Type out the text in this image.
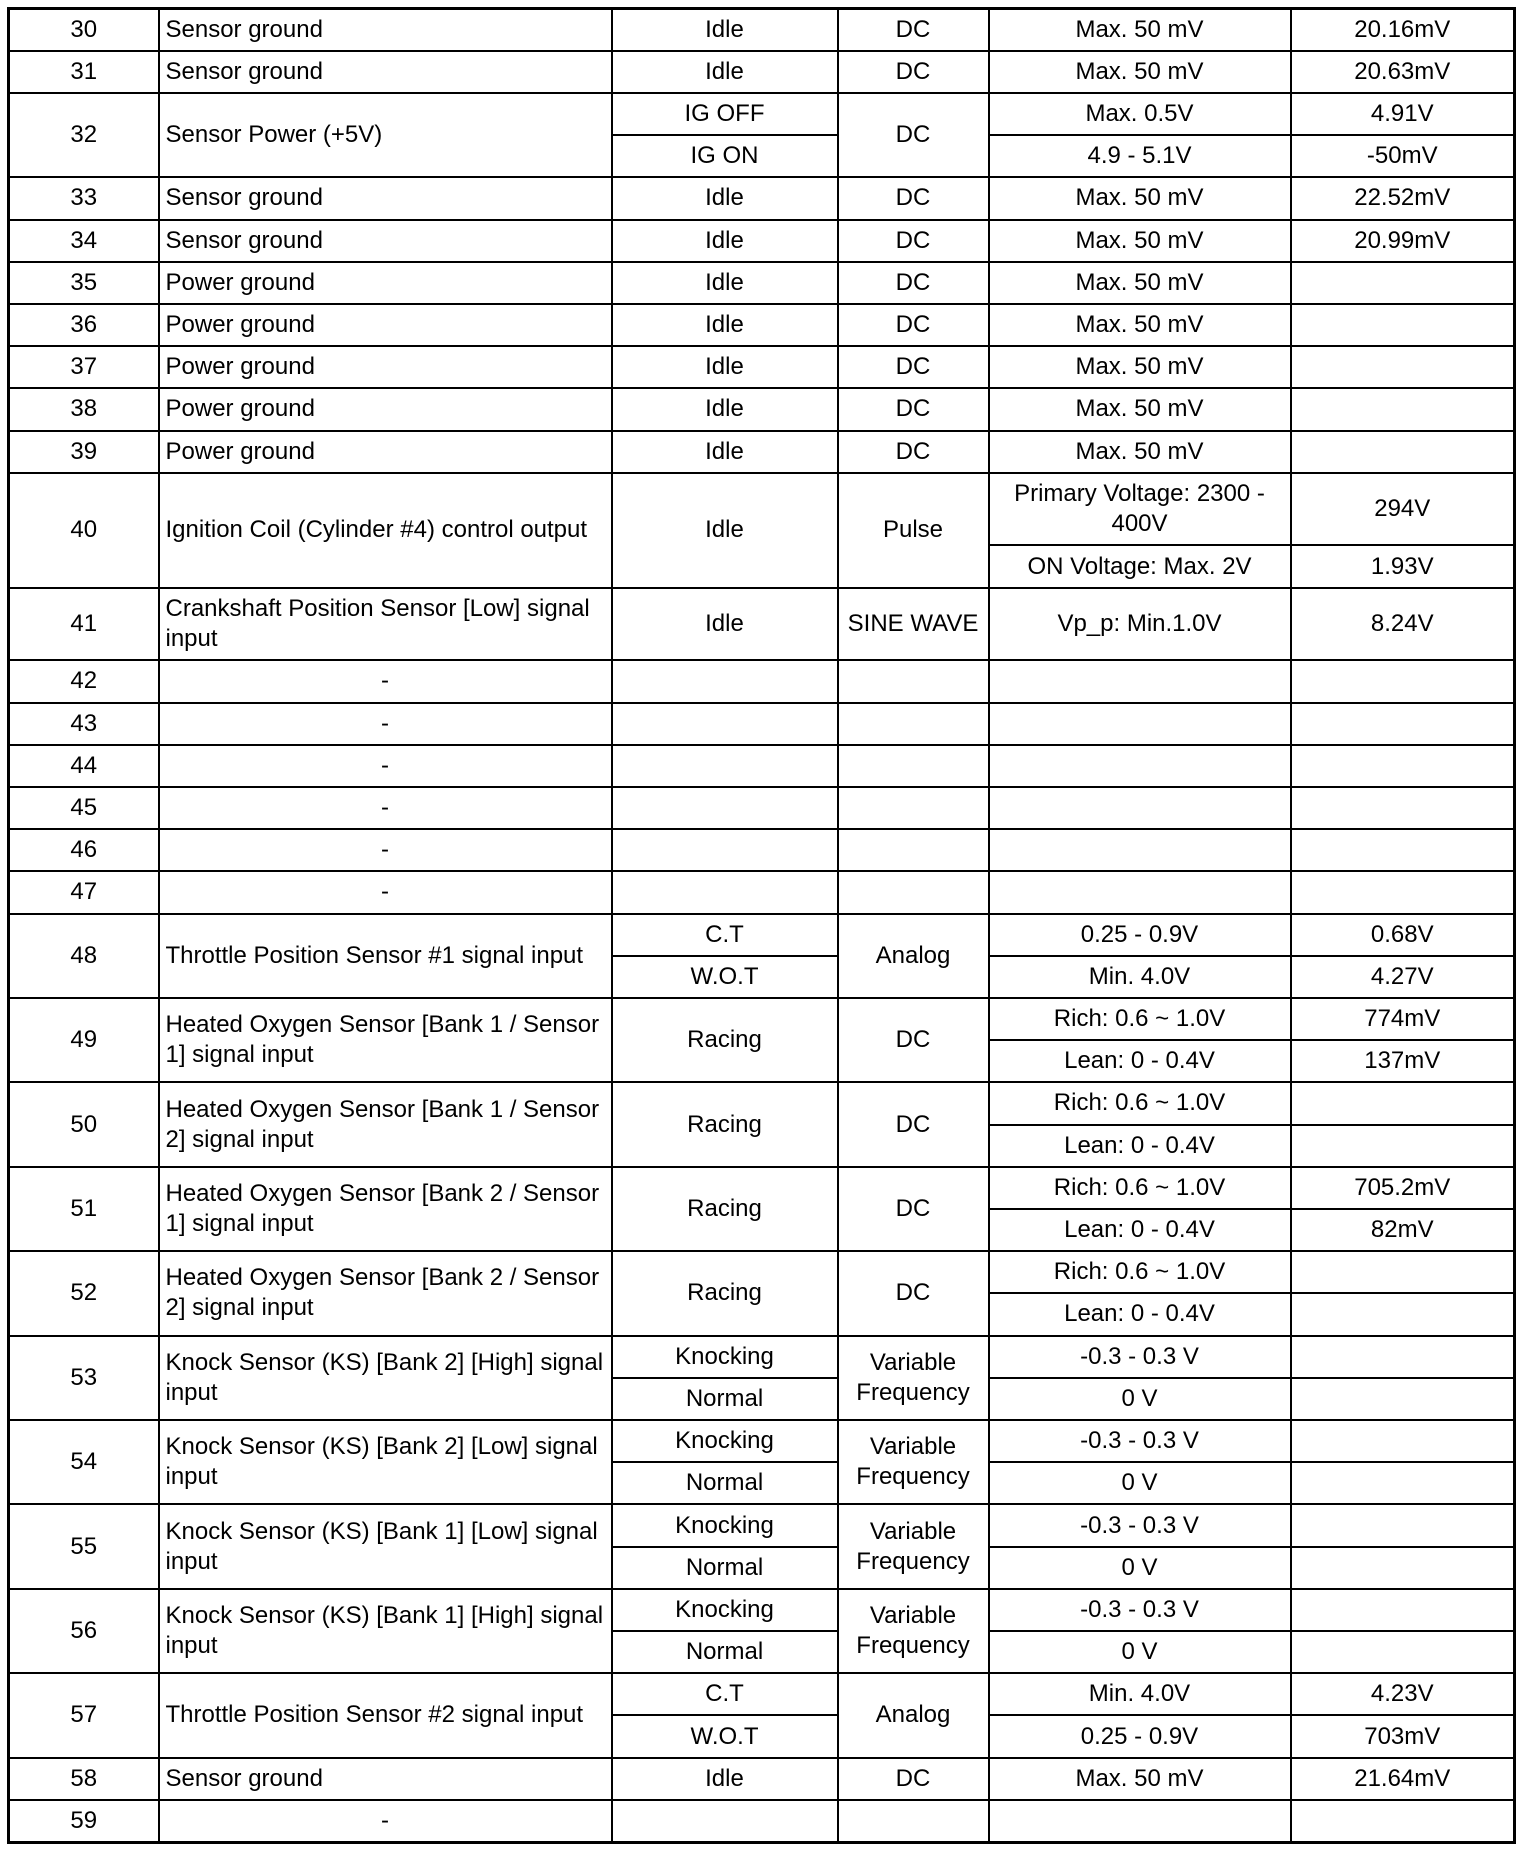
30	Sensor ground	Idle	DC	Max. 50 mV	20.16mV
31	Sensor ground	Idle	DC	Max. 50 mV	20.63mV
32	Sensor Power (+5V)	IG OFF	DC	Max. 0.5V	4.91V
		IG ON		4.9 - 5.1V	-50mV
33	Sensor ground	Idle	DC	Max. 50 mV	22.52mV
34	Sensor ground	Idle	DC	Max. 50 mV	20.99mV
35	Power ground	Idle	DC	Max. 50 mV	
36	Power ground	Idle	DC	Max. 50 mV	
37	Power ground	Idle	DC	Max. 50 mV	
38	Power ground	Idle	DC	Max. 50 mV	
39	Power ground	Idle	DC	Max. 50 mV	
40	Ignition Coil (Cylinder #4) control output	Idle	Pulse	Primary Voltage: 2300 - 400V	294V
				ON Voltage: Max. 2V	1.93V
41	Crankshaft Position Sensor [Low] signal input	Idle	SINE WAVE	Vp_p: Min.1.0V	8.24V
42	-				
43	-				
44	-				
45	-				
46	-				
47	-				
48	Throttle Position Sensor #1 signal input	C.T	Analog	0.25 - 0.9V	0.68V
		W.O.T		Min. 4.0V	4.27V
49	Heated Oxygen Sensor [Bank 1 / Sensor 1] signal input	Racing	DC	Rich: 0.6 ~ 1.0V	774mV
				Lean: 0 - 0.4V	137mV
50	Heated Oxygen Sensor [Bank 1 / Sensor 2] signal input	Racing	DC	Rich: 0.6 ~ 1.0V	
				Lean: 0 - 0.4V	
51	Heated Oxygen Sensor [Bank 2 / Sensor 1] signal input	Racing	DC	Rich: 0.6 ~ 1.0V	705.2mV
				Lean: 0 - 0.4V	82mV
52	Heated Oxygen Sensor [Bank 2 / Sensor 2] signal input	Racing	DC	Rich: 0.6 ~ 1.0V	
				Lean: 0 - 0.4V	
53	Knock Sensor (KS) [Bank 2] [High] signal input	Knocking	Variable Frequency	-0.3 - 0.3 V	
		Normal		0 V	
54	Knock Sensor (KS) [Bank 2] [Low] signal input	Knocking	Variable Frequency	-0.3 - 0.3 V	
		Normal		0 V	
55	Knock Sensor (KS) [Bank 1] [Low] signal input	Knocking	Variable Frequency	-0.3 - 0.3 V	
		Normal		0 V	
56	Knock Sensor (KS) [Bank 1] [High] signal input	Knocking	Variable Frequency	-0.3 - 0.3 V	
		Normal		0 V	
57	Throttle Position Sensor #2 signal input	C.T	Analog	Min. 4.0V	4.23V
		W.O.T		0.25 - 0.9V	703mV
58	Sensor ground	Idle	DC	Max. 50 mV	21.64mV
59	-				
